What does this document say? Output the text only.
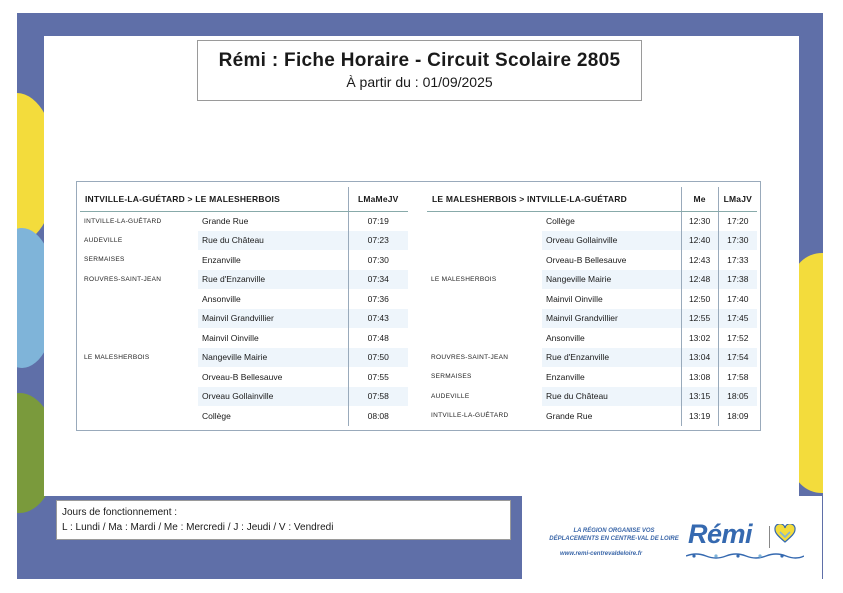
Rémi : Fiche Horaire - Circuit Scolaire 2805
À partir du : 01/09/2025
INTVILLE-LA-GUÉTARD > LE MALESHERBOIS		LMaMeJV
INTVILLE-LA-GUÉTARD	Grande Rue	07:19
AUDEVILLE	Rue du Château	07:23
SERMAISES	Enzanville	07:30
ROUVRES-SAINT-JEAN	Rue d'Enzanville	07:34
	Ansonville	07:36
	Mainvil Grandvillier	07:43
	Mainvil Oinville	07:48
LE MALESHERBOIS	Nangeville Mairie	07:50
	Orveau-B Bellesauve	07:55
	Orveau Gollainville	07:58
	Collège	08:08
LE MALESHERBOIS > INTVILLE-LA-GUÉTARD		Me	LMaJV
	Collège	12:30	17:20
	Orveau Gollainville	12:40	17:30
	Orveau-B Bellesauve	12:43	17:33
LE MALESHERBOIS	Nangeville Mairie	12:48	17:38
	Mainvil Oinville	12:50	17:40
	Mainvil Grandvillier	12:55	17:45
	Ansonville	13:02	17:52
ROUVRES-SAINT-JEAN	Rue d'Enzanville	13:04	17:54
SERMAISES	Enzanville	13:08	17:58
AUDEVILLE	Rue du Château	13:15	18:05
INTVILLE-LA-GUÉTARD	Grande Rue	13:19	18:09
Jours de fonctionnement :
L : Lundi / Ma : Mardi / Me : Mercredi / J : Jeudi / V : Vendredi	LA RÉGION ORGANISE VOS DÉPLACEMENTS EN CENTRE-VAL DE LOIRE
www.remi-centrevaldeloire.fr
Rémi
